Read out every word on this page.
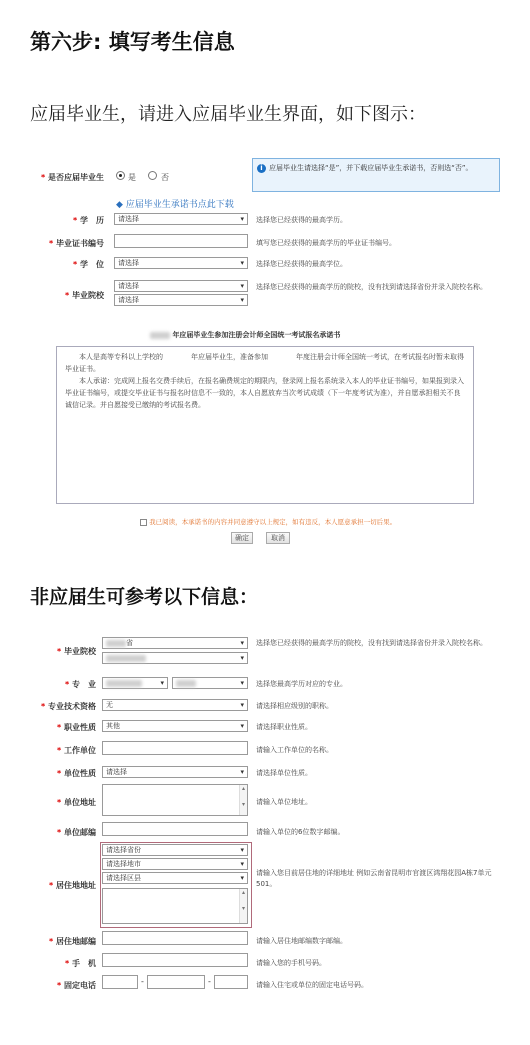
第六步: 填写考生信息
应届毕业生，请进入应届毕业生界面，如下图示：
* 是否应届毕业生	是	否
◆ 应届毕业生承诺书点此下载
i 应届毕业生请选择“是”，并下载应届毕业生承诺书，否则选“否”。
* 学　历	请选择 ▾	选择您已经获得的最高学历。
* 毕业证书编号	填写您已经获得的最高学历的毕业证书编号。
* 学　位	请选择 ▾	选择您已经获得的最高学位。
* 毕业院校
请选择 ▾
请选择 ▾
选择您已经获得的最高学历的院校，没有找到请选择省份并录入院校名称。
年应届毕业生参加注册会计师全国统一考试报名承诺书

本人是高等专科以上学校的　　　　年应届毕业生，准备参加　　　　年度注册会计师全国统一考试，在考试报名时暂未取得毕业证书。

本人承诺：完成网上报名交费手续后，在报名确费规定的期限内，登录网上报名系统录入本人的毕业证书编号，如果报到录入毕业证书编号，或提交毕业证书与报名时信息不一致的，本人自愿放弃当次考试成绩（下一年度考试为准），并自愿承担相关不良诚信记录。并自愿接受已缴纳的考试报名费。

我已阅读，本承诺书的内容并同意遵守以上规定，如有违反，本人愿意承担一切后果。
确定	取消
非应届生可参考以下信息：
* 毕业院校
省 ▾
▾	选择您已经获得的最高学历的院校，没有找到请选择省份并录入院校名称。
* 专　业 ▾ ▾	选择您最高学历对应的专业。
* 专业技术资格	无 ▾	请选择相应级别的职称。
* 职业性质	其他 ▾	请选择职业性质。
* 工作单位	请输入工作单位的名称。
* 单位性质	请选择 ▾	请选择单位性质。
* 单位地址
▴

▾ 请输入单位地址。
* 单位邮编	请输入单位的6位数字邮编。
* 居住地地址
请选择省份 ▾
请选择地市 ▾
请选择区县 ▾
▴

▾
请输入您目前居住地的详细地址 例如云南省昆明市官渡区鸿翔花园A栋7单元501。
* 居住地邮编	请输入居住地邮编数字邮编。
* 手　机	请输入您的手机号码。
* 固定电话	-	-	请输入住宅或单位的固定电话号码。
